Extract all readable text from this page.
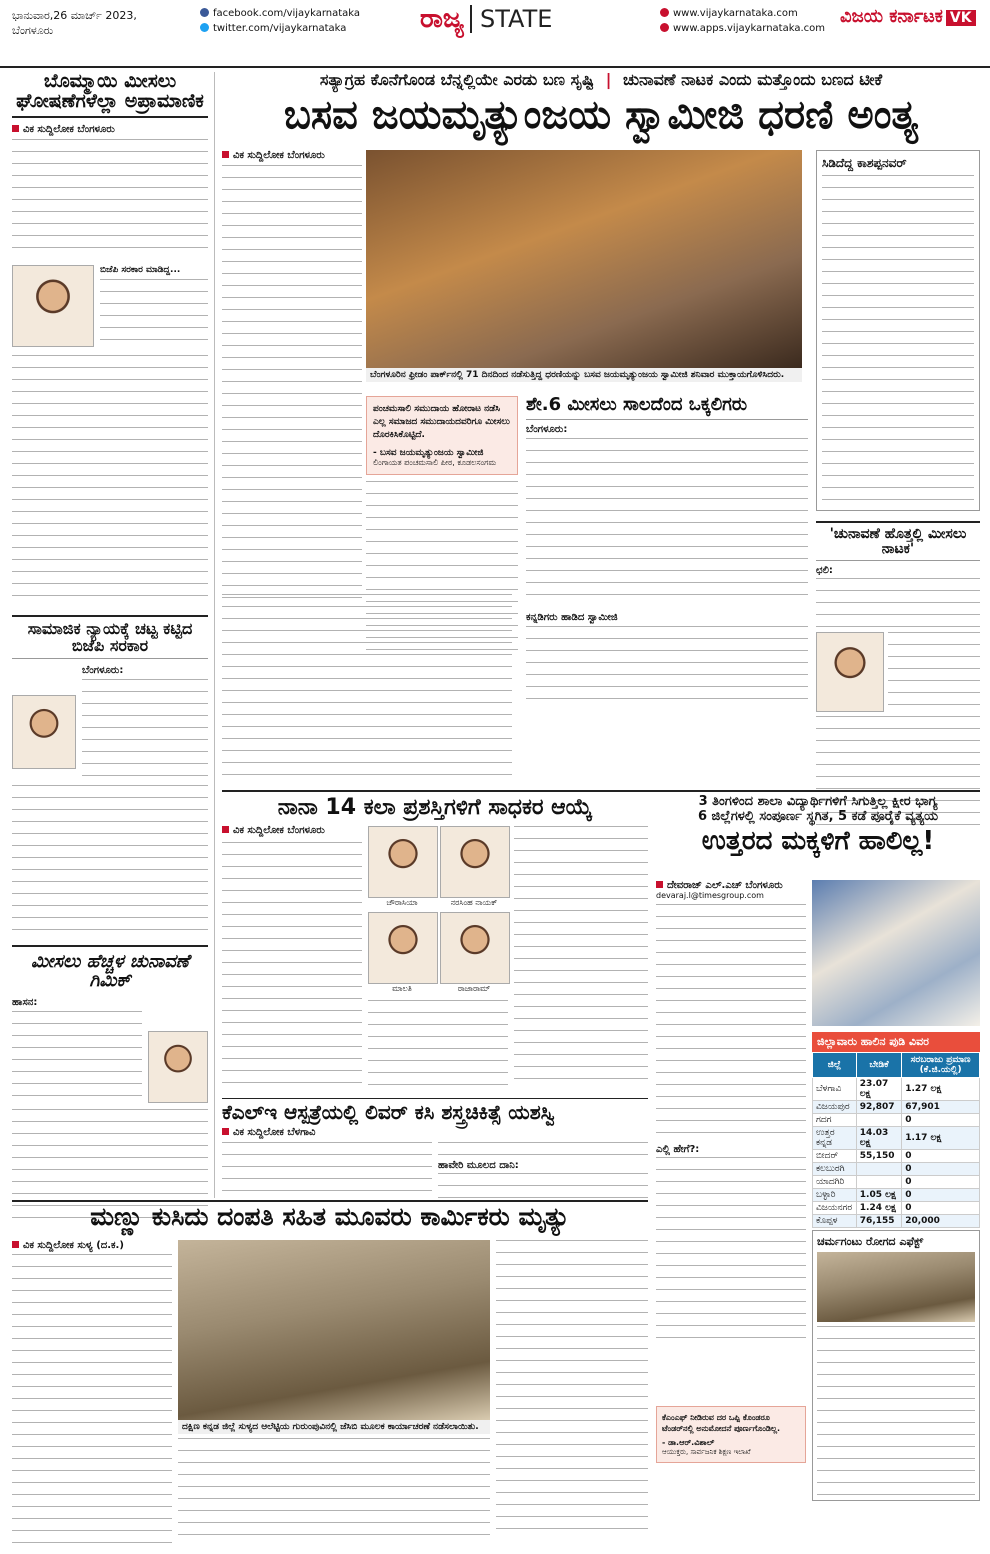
ಭಾನುವಾರ,26 ಮಾರ್ಚ್ 2023,
ಬೆಂಗಳೂರು
facebook.com/vijaykarnataka
twitter.com/vijaykarnataka	ರಾಜ್ಯ STATE	www.vijaykarnataka.com
www.apps.vijaykarnataka.com
ವಿಜಯ ಕರ್ನಾಟಕ VK
ಬೊಮ್ಮಾಯಿ ಮೀಸಲು ಘೋಷಣೆಗಳೆಲ್ಲಾ ಅಪ್ರಾಮಾಣಿಕ
ವಿಕ ಸುದ್ದಿಲೋಕ ಬೆಂಗಳೂರು
ಬಿಜೆಪಿ ಸರಕಾರ ಮಾಡಿದ್ದ...
ಸಾಮಾಜಿಕ ನ್ಯಾಯಕ್ಕೆ ಚಟ್ಟ ಕಟ್ಟಿದ ಬಿಜೆಪಿ ಸರಕಾರ
ಬೆಂಗಳೂರು:
ಮೀಸಲು ಹೆಚ್ಚಳ ಚುನಾವಣೆ ಗಿಮಿಕ್
ಹಾಸನ:
ಸತ್ಯಾಗ್ರಹ ಕೊನೆಗೊಂಡ ಬೆನ್ನಲ್ಲಿಯೇ ಎರಡು ಬಣ ಸೃಷ್ಟಿ | ಚುನಾವಣೆ ನಾಟಕ ಎಂದು ಮತ್ತೊಂದು ಬಣದ ಟೀಕೆ
ಬಸವ ಜಯಮೃತ್ಯುಂಜಯ ಸ್ವಾಮೀಜಿ ಧರಣಿ ಅಂತ್ಯ
ವಿಕ ಸುದ್ದಿಲೋಕ ಬೆಂಗಳೂರು
ಬೆಂಗಳೂರಿನ ಫ್ರೀಡಂ ಪಾರ್ಕ್‌ನಲ್ಲಿ 71 ದಿನದಿಂದ ನಡೆಸುತ್ತಿದ್ದ ಧರಣಿಯನ್ನು ಬಸವ ಜಯಮೃತ್ಯುಂಜಯ ಸ್ವಾಮೀಜಿ ಶನಿವಾರ ಮುಕ್ತಾಯಗೊಳಿಸಿದರು.
ಪಂಚಮಸಾಲಿ ಸಮುದಾಯ ಹೋರಾಟ ನಡೆಸಿ ಎಲ್ಲ ಸಮಾಜದ ಸಮುದಾಯದವರಿಗೂ ಮೀಸಲು ದೊರಕಿಸಿಕೊಟ್ಟಿದೆ.
- ಬಸವ ಜಯಮೃತ್ಯುಂಜಯ ಸ್ವಾಮೀಜಿ
ಲಿಂಗಾಯತ ಪಂಚಮಸಾಲಿ ಪೀಠ, ಕೂಡಲಸಂಗಮ
ಶೇ.6 ಮೀಸಲು ಸಾಲದೆಂದ ಒಕ್ಕಲಿಗರು
ಬೆಂಗಳೂರು:
ಕನ್ನಡಿಗರು ಹಾಡಿದ ಸ್ವಾಮೀಜಿ
ಸಿಡಿದೆದ್ದ ಕಾಶಪ್ಪನವರ್
'ಚುನಾವಣೆ ಹೊತ್ತಲ್ಲಿ ಮೀಸಲು ನಾಟಕ'
ಛಲಿ:
ನಾನಾ 14 ಕಲಾ ಪ್ರಶಸ್ತಿಗಳಿಗೆ ಸಾಧಕರ ಆಯ್ಕೆ
ವಿಕ ಸುದ್ದಿಲೋಕ ಬೆಂಗಳೂರು
ಚೌರಾಸಿಯಾ	ನರಸಿಂಹ ನಾಯಕ್
ಮಾಲತಿ	ರಾಜಾರಾಮ್
ಕೆಎಲ್‌ಇ ಆಸ್ಪತ್ರೆಯಲ್ಲಿ ಲಿವರ್ ಕಸಿ ಶಸ್ತ್ರಚಿಕಿತ್ಸೆ ಯಶಸ್ವಿ
ವಿಕ ಸುದ್ದಿಲೋಕ ಬೆಳಗಾವಿ
ಹಾವೇರಿ ಮೂಲದ ದಾನಿ:
3 ತಿಂಗಳಿಂದ ಶಾಲಾ ವಿದ್ಯಾರ್ಥಿಗಳಿಗೆ ಸಿಗುತ್ತಿಲ್ಲ ಕ್ಷೀರ ಭಾಗ್ಯ
6 ಜಿಲ್ಲೆಗಳಲ್ಲಿ ಸಂಪೂರ್ಣ ಸ್ಥಗಿತ, 5 ಕಡೆ ಪೂರೈಕೆ ವ್ಯತ್ಯಯ
ಉತ್ತರದ ಮಕ್ಕಳಿಗೆ ಹಾಲಿಲ್ಲ!
ದೇವರಾಜ್ ಎಲ್.ಎಚ್ ಬೆಂಗಳೂರು
devaraj.l@timesgroup.com
ಎಲ್ಲಿ ಹೇಗೆ?:
ಜಿಲ್ಲಾವಾರು ಹಾಲಿನ ಪುಡಿ ವಿವರ
ಜಿಲ್ಲೆ	ಬೇಡಿಕೆ	ಸರಬರಾಜು ಪ್ರಮಾಣ (ಕೆ.ಜಿ.ಯಲ್ಲಿ)
ಬೆಳಗಾವಿ	23.07 ಲಕ್ಷ	1.27 ಲಕ್ಷ
ವಿಜಯಪುರ	92,807	67,901
ಗದಗ		0
ಉತ್ತರ ಕನ್ನಡ	14.03 ಲಕ್ಷ	1.17 ಲಕ್ಷ
ಬೀದರ್	55,150	0
ಕಲಬುರಗಿ		0
ಯಾದಗಿರಿ		0
ಬಳ್ಳಾರಿ	1.05 ಲಕ್ಷ	0
ವಿಜಯನಗರ	1.24 ಲಕ್ಷ	0
ಕೊಪ್ಪಳ	76,155	20,000
ಚರ್ಮಗಂಟು ರೋಗದ ಎಫೆಕ್ಟ್
ಕೆಎಂಎಫ್ ನೀಡಿರುವ ದರ ಒಪ್ಪಿ ಕೊಂಡರೂ ಟೆಂಡರ್‌ನಲ್ಲಿ ಅನುಮೋದನೆ ಪೂರ್ಣಗೊಂಡಿಲ್ಲ.
- ಡಾ.ಆರ್.ವಿಶಾಲ್
ಆಯುಕ್ತರು, ಸಾರ್ವಜನಿಕ ಶಿಕ್ಷಣ ಇಲಾಖೆ
ಮಣ್ಣು ಕುಸಿದು ದಂಪತಿ ಸಹಿತ ಮೂವರು ಕಾರ್ಮಿಕರು ಮೃತ್ಯು
ವಿಕ ಸುದ್ದಿಲೋಕ ಸುಳ್ಯ (ದ.ಕ.)
ದಕ್ಷಿಣ ಕನ್ನಡ ಜಿಲ್ಲೆ ಸುಳ್ಯದ ಆಲೆಟ್ಟಿಯ ಗುರುಂಪುವಿನಲ್ಲಿ ಜೆಸಿಬಿ ಮೂಲಕ ಕಾರ್ಯಾಚರಣೆ ನಡೆಸಲಾಯಿತು.
